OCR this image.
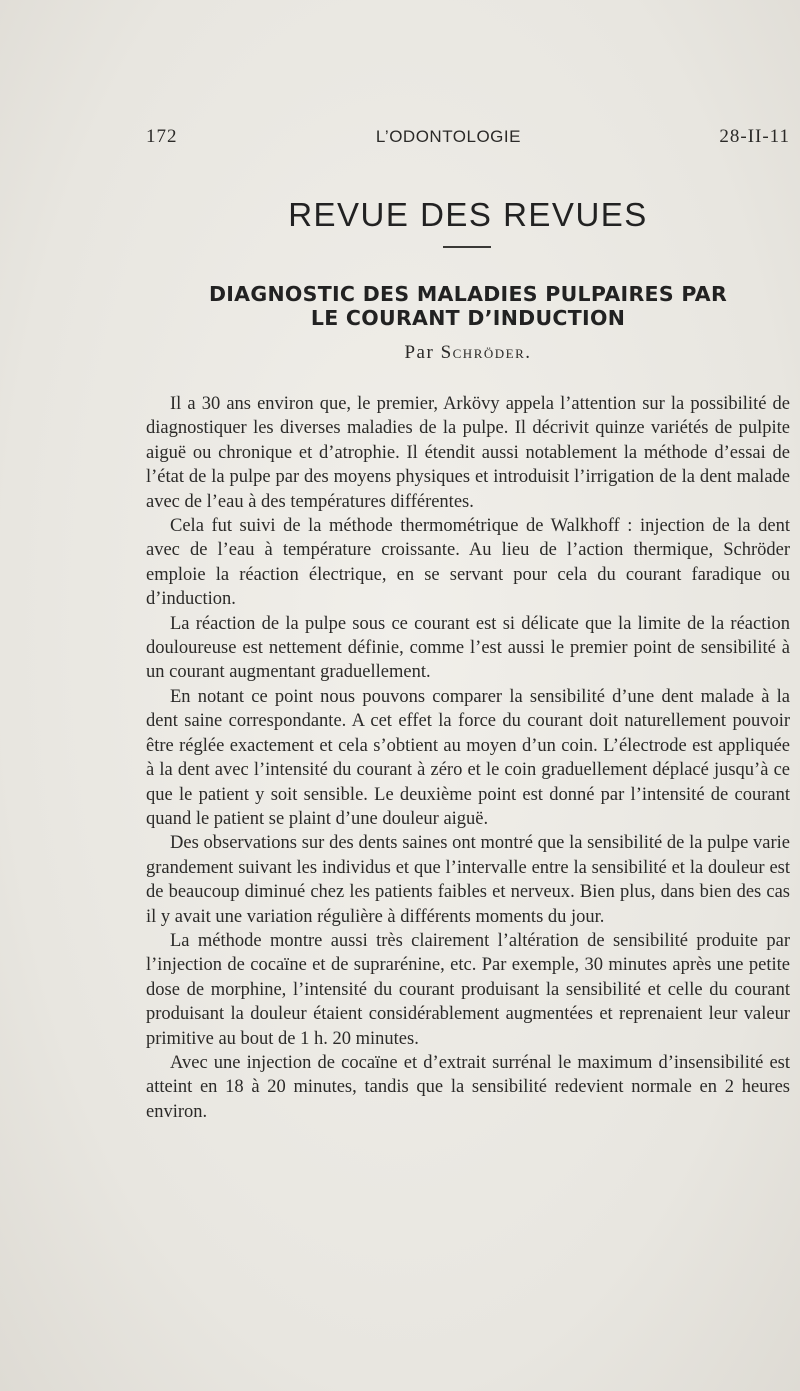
172	L’ODONTOLOGIE	28-II-11
REVUE DES REVUES
DIAGNOSTIC DES MALADIES PULPAIRES PAR
LE COURANT D’INDUCTION
Par Schröder.

Il a 30 ans environ que, le premier, Arkövy appela l’attention sur la possibilité de diagnostiquer les diverses maladies de la pulpe. Il décrivit quinze variétés de pulpite aiguë ou chronique et d’atrophie. Il étendit aussi notablement la méthode d’essai de l’état de la pulpe par des moyens physiques et introduisit l’irrigation de la dent malade avec de l’eau à des températures différentes.

Cela fut suivi de la méthode thermométrique de Walkhoff : injection de la dent avec de l’eau à température croissante. Au lieu de l’action thermique, Schröder emploie la réaction électrique, en se servant pour cela du courant faradique ou d’induction.

La réaction de la pulpe sous ce courant est si délicate que la limite de la réaction douloureuse est nettement définie, comme l’est aussi le premier point de sensibilité à un courant augmentant graduellement.

En notant ce point nous pouvons comparer la sensibilité d’une dent malade à la dent saine correspondante. A cet effet la force du courant doit naturellement pouvoir être réglée exactement et cela s’obtient au moyen d’un coin. L’électrode est appliquée à la dent avec l’intensité du courant à zéro et le coin graduellement déplacé jusqu’à ce que le patient y soit sensible. Le deuxième point est donné par l’intensité de courant quand le patient se plaint d’une douleur aiguë.

Des observations sur des dents saines ont montré que la sensibilité de la pulpe varie grandement suivant les individus et que l’intervalle entre la sensibilité et la douleur est de beaucoup diminué chez les patients faibles et nerveux. Bien plus, dans bien des cas il y avait une variation régulière à différents moments du jour.

La méthode montre aussi très clairement l’altération de sensibilité produite par l’injection de cocaïne et de suprarénine, etc. Par exemple, 30 minutes après une petite dose de morphine, l’intensité du courant produisant la sensibilité et celle du courant produisant la douleur étaient considérablement augmentées et reprenaient leur valeur primitive au bout de 1 h. 20 minutes.

Avec une injection de cocaïne et d’extrait surrénal le maximum d’insensibilité est atteint en 18 à 20 minutes, tandis que la sensibilité redevient normale en 2 heures environ.
